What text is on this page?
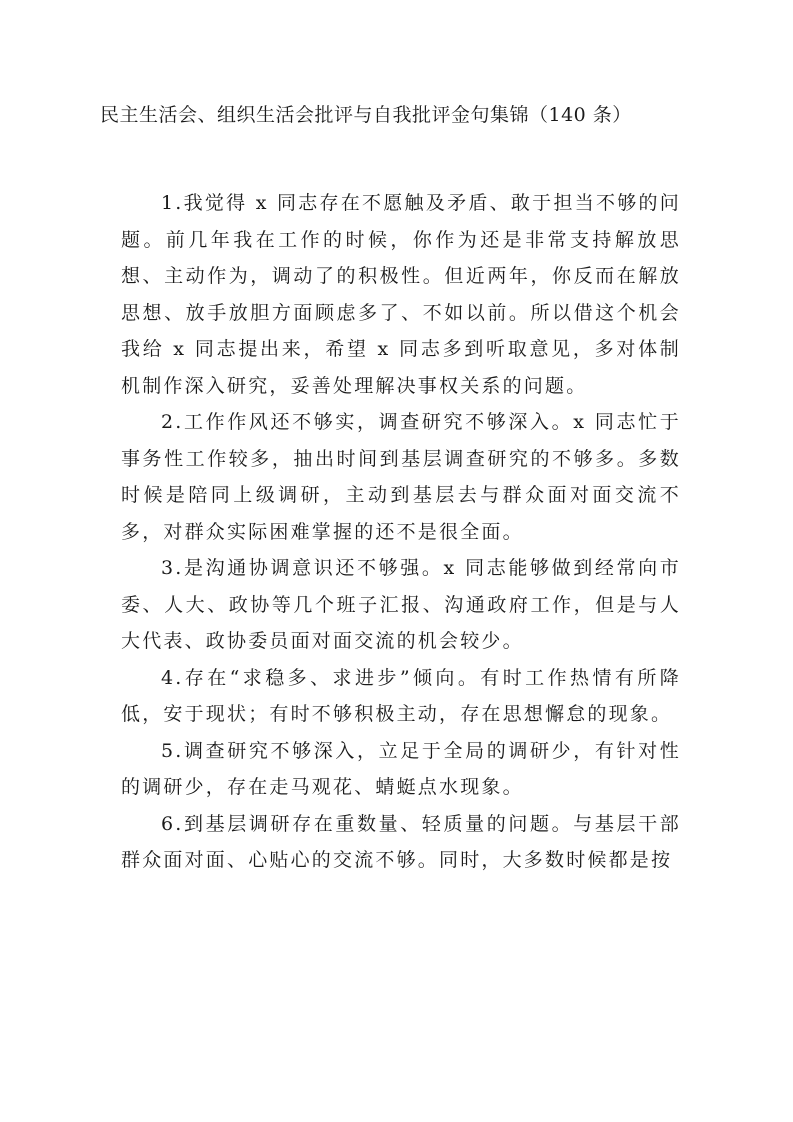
民主生活会、组织生活会批评与自我批评金句集锦（140 条）

1.我觉得 x 同志存在不愿触及矛盾、敢于担当不够的问题。前几年我在工作的时候，你作为还是非常支持解放思想、主动作为，调动了的积极性。但近两年，你反而在解放思想、放手放胆方面顾虑多了、不如以前。所以借这个机会我给 x 同志提出来，希望 x 同志多到听取意见，多对体制机制作深入研究，妥善处理解决事权关系的问题。

2.工作作风还不够实，调查研究不够深入。x 同志忙于事务性工作较多，抽出时间到基层调查研究的不够多。多数时候是陪同上级调研，主动到基层去与群众面对面交流不多，对群众实际困难掌握的还不是很全面。

3.是沟通协调意识还不够强。x 同志能够做到经常向市委、人大、政协等几个班子汇报、沟通政府工作，但是与人大代表、政协委员面对面交流的机会较少。

4.存在“求稳多、求进步”倾向。有时工作热情有所降低，安于现状；有时不够积极主动，存在思想懈怠的现象。

5.调查研究不够深入，立足于全局的调研少，有针对性的调研少，存在走马观花、蜻蜓点水现象。

6.到基层调研存在重数量、轻质量的问题。与基层干部群众面对面、心贴心的交流不够。同时，大多数时候都是按
